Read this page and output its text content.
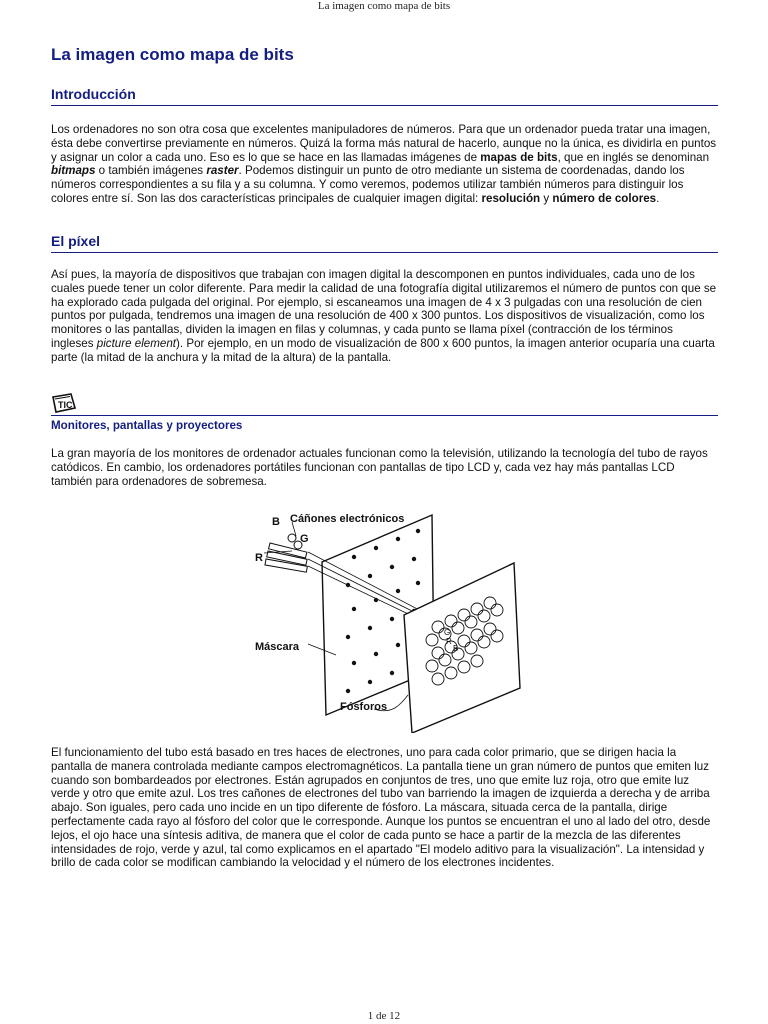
La imagen como mapa de bits
La imagen como mapa de bits
Introducción

Los ordenadores no son otra cosa que excelentes manipuladores de números. Para que un ordenador pueda tratar una imagen, ésta debe convertirse previamente en números. Quizá la forma más natural de hacerlo, aunque no la única, es dividirla en puntos y asignar un color a cada uno. Eso es lo que se hace en las llamadas imágenes de mapas de bits, que en inglés se denominan bitmaps o también imágenes raster. Podemos distinguir un punto de otro mediante un sistema de coordenadas, dando los números correspondientes a su fila y a su columna. Y como veremos, podemos utilizar también números para distinguir los colores entre sí. Son las dos características principales de cualquier imagen digital: resolución y número de colores.

El píxel

Así pues, la mayoría de dispositivos que trabajan con imagen digital la descomponen en puntos individuales, cada uno de los cuales puede tener un color diferente. Para medir la calidad de una fotografía digital utilizaremos el número de puntos con que se ha explorado cada pulgada del original. Por ejemplo, si escaneamos una imagen de 4 x 3 pulgadas con una resolución de cien puntos por pulgada, tendremos una imagen de una resolución de 400 x 300 puntos. Los dispositivos de visualización, como los monitores o las pantallas, dividen la imagen en filas y columnas, y cada punto se llama píxel (contracción de los términos ingleses picture element). Por ejemplo, en un modo de visualización de 800 x 600 puntos, la imagen anterior ocuparía una cuarta parte (la mitad de la anchura y la mitad de la altura) de la pantalla.

TIC
Monitores, pantallas y proyectores

La gran mayoría de los monitores de ordenador actuales funcionan como la televisión, utilizando la tecnología del tubo de rayos catódicos. En cambio, los ordenadores portátiles funcionan con pantallas de tipo LCD y, cada vez hay más pantallas LCD también para ordenadores de sobremesa.

G
B
R
Cáñones electrónicos
B
G
R
Máscara
Fósforos

El funcionamiento del tubo está basado en tres haces de electrones, uno para cada color primario, que se dirigen hacia la pantalla de manera controlada mediante campos electromagnéticos. La pantalla tiene un gran número de puntos que emiten luz cuando son bombardeados por electrones. Están agrupados en conjuntos de tres, uno que emite luz roja, otro que emite luz verde y otro que emite azul. Los tres cañones de electrones del tubo van barriendo la imagen de izquierda a derecha y de arriba abajo. Son iguales, pero cada uno incide en un tipo diferente de fósforo. La máscara, situada cerca de la pantalla, dirige perfectamente cada rayo al fósforo del color que le corresponde. Aunque los puntos se encuentran el uno al lado del otro, desde lejos, el ojo hace una síntesis aditiva, de manera que el color de cada punto se hace a partir de la mezcla de las diferentes intensidades de rojo, verde y azul, tal como explicamos en el apartado "El modelo aditivo para la visualización". La intensidad y brillo de cada color se modifican cambiando la velocidad y el número de los electrones incidentes.

1 de 12
